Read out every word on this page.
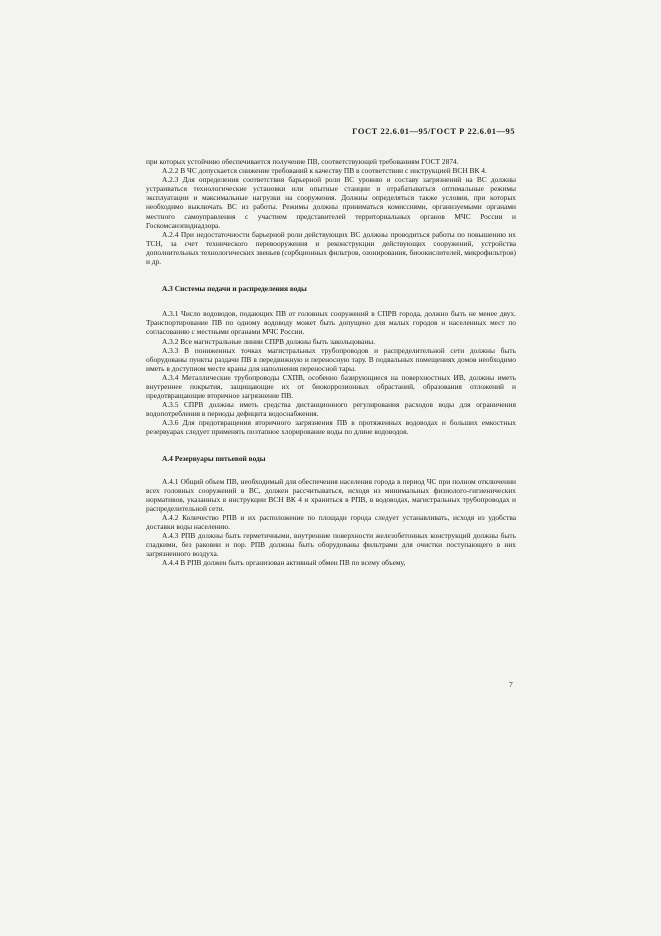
ГОСТ 22.6.01—95/ГОСТ Р 22.6.01—95

при которых устойчиво обеспечивается получение ПВ, соответствующей требованиям ГОСТ 2874.

А.2.2 В ЧС допускается снижение требований к качеству ПВ в соответствии с инструкцией ВСН ВК 4.

А.2.3 Для определения соответствия барьерной роли ВС уровню и составу загрязнений на ВС должны устраиваться технологические установки или опытные станции и отрабатываться оптимальные режимы эксплуатации и максимальные нагрузки на сооружения. Должны определяться также условия, при которых необходимо выключать ВС из работы. Режимы должны приниматься комиссиями, организуемыми органами местного самоуправления с участием представителей территориальных органов МЧС России и Госкомсанэпиднадзора.

А.2.4 При недостаточности барьерной роли действующих ВС должны проводиться работы по повышению их ТСН, за счет технического перевооружения и реконструкции действующих сооружений, устройства дополнительных технологических звеньев (сорбционных фильтров, озонирования, биоокислителей, микрофильтров) и др.

А.3 Системы подачи и распределения воды

А.3.1 Число водоводов, подающих ПВ от головных сооружений в СПРВ города, должно быть не менее двух. Транспортирование ПВ по одному водоводу может быть допущено для малых городов и населенных мест по согласованию с местными органами МЧС России.

А.3.2 Все магистральные линии СПРВ должны быть закольцованы.

А.3.3 В пониженных точках магистральных трубопроводов и распределительной сети должны быть оборудованы пункты раздачи ПВ в передвижную и переносную тару. В подвальных помещениях домов необходимо иметь в доступном месте краны для наполнения переносной тары.

А.3.4 Металлические трубопроводы СХПВ, особенно базирующиеся на поверхностных ИВ, должны иметь внутреннее покрытия, защищающие их от биокоррозионных обрастаний, образования отложений и предотвращающие вторичное загрязнение ПВ.

А.3.5 СПРВ должны иметь средства дистанционного регулирования расходов воды для ограничения водопотребления в периоды дефицита водоснабжения.

А.3.6 Для предотвращения вторичного загрязнения ПВ в протяженных водоводах и больших емкостных резервуарах следует применять поэтапное хлорирование воды по длине водоводов.

А.4 Резервуары питьевой воды

А.4.1 Общий объем ПВ, необходимый для обеспечения населения города в период ЧС при полном отключении всех головных сооружений в ВС, должен рассчитываться, исходя из минимальных физиолого-гигиенических нормативов, указанных в инструкции ВСН ВК 4 и храниться в РПВ, в водоводах, магистральных трубопроводах и распределительной сети.

А.4.2 Количество РПВ и их расположение по площади города следует устанавливать, исходя из удобства доставки воды населению.

А.4.3 РПВ должны быть герметичными, внутренние поверхности железобетонных конструкций должны быть гладкими, без раковин и пор. РПВ должны быть оборудованы фильтрами для очистки поступающего в них загрязненного воздуха.

А.4.4 В РПВ должен быть организован активный обмен ПВ по всему объему,

7
